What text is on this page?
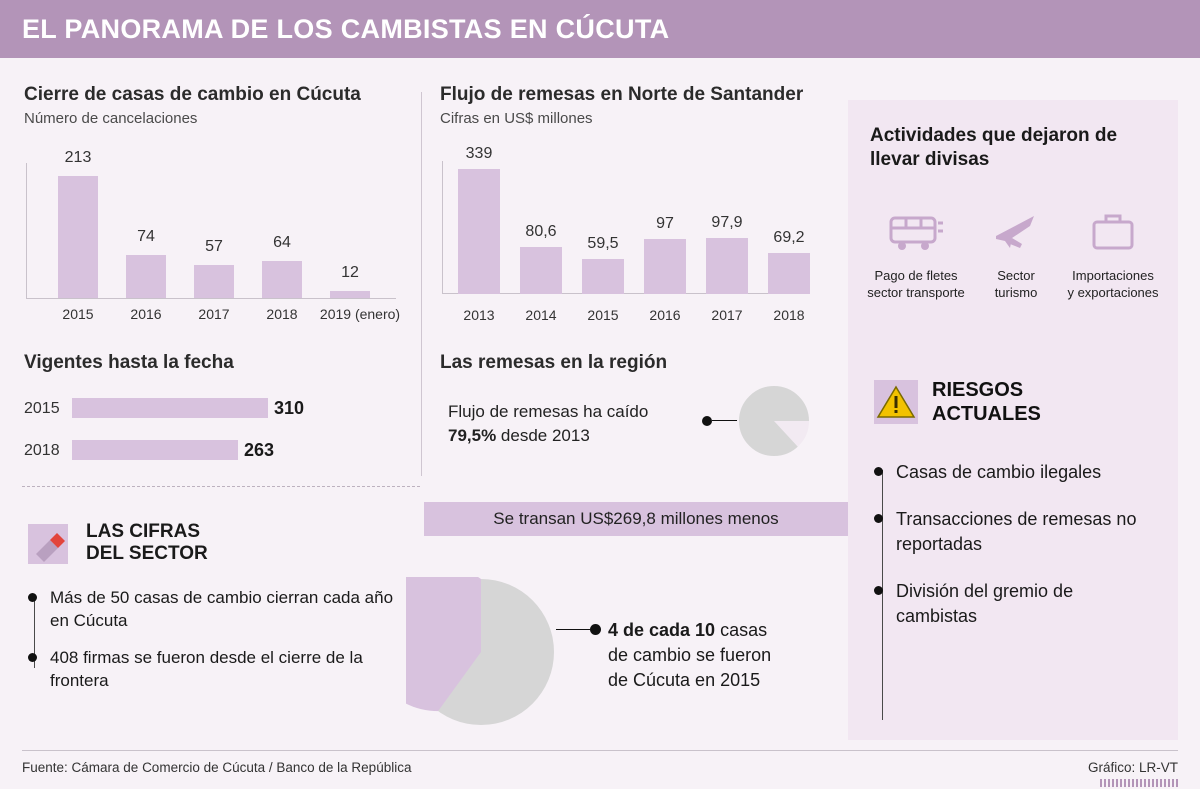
EL PANORAMA DE LOS CAMBISTAS EN CÚCUTA
Cierre de casas de cambio en Cúcuta
Número de cancelaciones
213
74
57	64
12
2015	2016	2017	2018	2019 (enero)
Vigentes hasta la fecha
2015	310
2018	263
Flujo de remesas en Norte de Santander
Cifras en US$ millones
339
80,6
59,5
97	97,9
69,2
2013	2014	2015	2016	2017	2018
Las remesas en la región
Flujo de remesas ha caído
79,5% desde 2013
Se transan US$269,8 millones menos
LAS CIFRAS
DEL SECTOR
Más de 50 casas de cambio cierran cada año en Cúcuta
408 firmas se fueron desde el cierre de la frontera
4 de cada 10 casas
de cambio se fueron
de Cúcuta en 2015
Actividades que dejaron de llevar divisas
Pago de fletes
sector transporte
Sector
turismo
Importaciones
y exportaciones
RIESGOS
ACTUALES
Casas de cambio ilegales
Transacciones de remesas no reportadas
División del gremio de cambistas
Fuente: Cámara de Comercio de Cúcuta / Banco de la República	Gráfico: LR-VT
